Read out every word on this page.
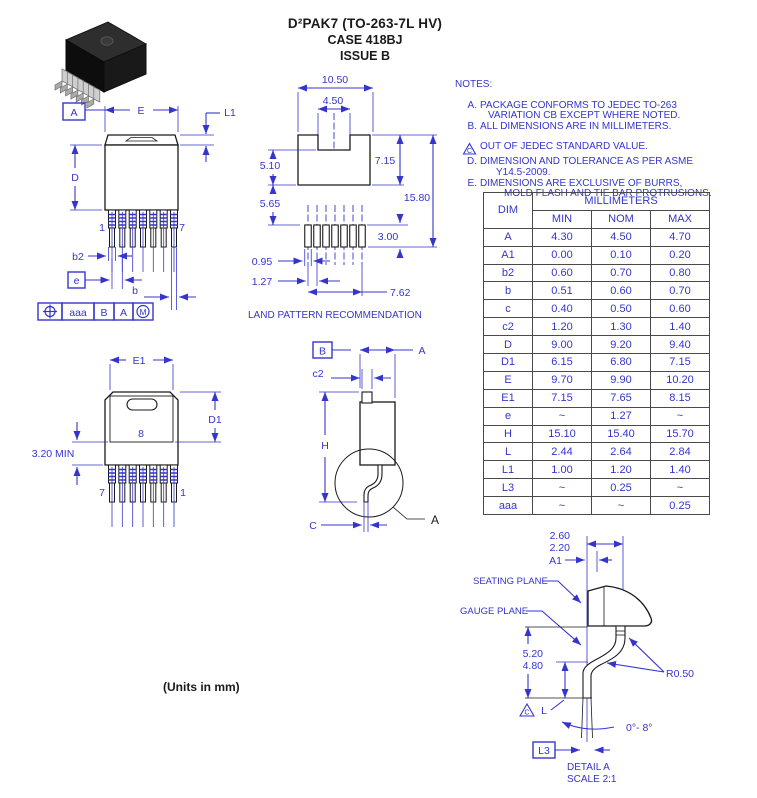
D²PAK7 (TO-263-7L HV)
CASE 418BJ
ISSUE B
A	E	L1
D
1	7
b2
e
b
aaa B A M
10.50
4.50
5.10
5.65
7.15
15.80
3.00
0.95
1.27
7.62
LAND PATTERN RECOMMENDATION
NOTES:
A. PACKAGE CONFORMS TO JEDEC TO-263
VARIATION CB EXCEPT WHERE NOTED.
B. ALL DIMENSIONS ARE IN MILLIMETERS.
C OUT OF JEDEC STANDARD VALUE.
D. DIMENSION AND TOLERANCE AS PER ASME
Y14.5-2009.
E. DIMENSIONS ARE EXCLUSIVE OF BURRS,
MOLD FLASH AND TIE BAR PROTRUSIONS.
DIM	MILLIMETERS		
	MIN	NOM	MAX
A	4.30	4.50	4.70
A1	0.00	0.10	0.20
b2	0.60	0.70	0.80
b	0.51	0.60	0.70
c	0.40	0.50	0.60
c2	1.20	1.30	1.40
D	9.00	9.20	9.40
D1	6.15	6.80	7.15
E	9.70	9.90	10.20
E1	7.15	7.65	8.15
e	~	1.27	~
H	15.10	15.40	15.70
L	2.44	2.64	2.84
L1	1.00	1.20	1.40
L3	~	0.25	~
aaa	~	~	0.25
E1
8
D1
3.20 MIN
7	1
B	A
c2
H
A
C
2.60
2.20
A1
SEATING PLANE
GAUGE PLANE
5.20
4.80
C L
R0.50
0°- 8°
L3
DETAIL A
SCALE 2:1
(Units in mm)
